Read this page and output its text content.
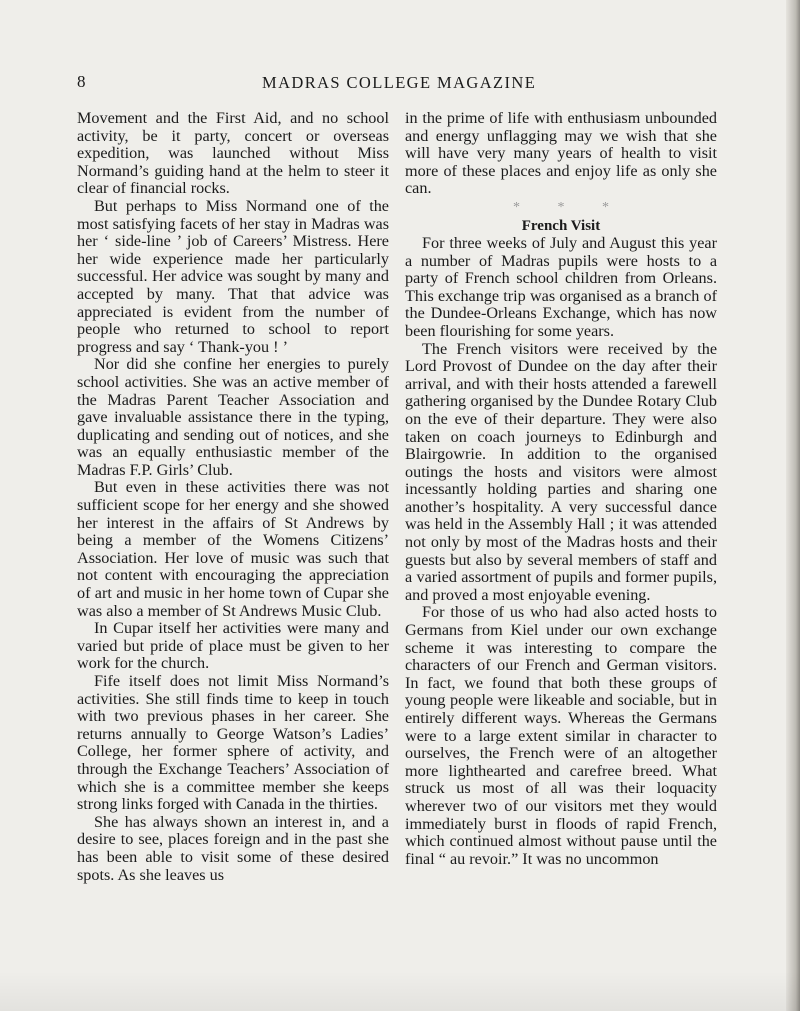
8	MADRAS COLLEGE MAGAZINE

Movement and the First Aid, and no school activity, be it party, concert or overseas expedition, was launched without Miss Normand’s guiding hand at the helm to steer it clear of financial rocks.

But perhaps to Miss Normand one of the most satisfying facets of her stay in Madras was her ‘ side-line ’ job of Careers’ Mistress. Here her wide experience made her particularly successful. Her advice was sought by many and accepted by many. That that advice was appreciated is evident from the number of people who returned to school to report progress and say ‘ Thank-you ! ’

Nor did she confine her energies to purely school activities. She was an active member of the Madras Parent Teacher Association and gave invaluable assistance there in the typing, duplicating and sending out of notices, and she was an equally enthusiastic member of the Madras F.P. Girls’ Club.

But even in these activities there was not sufficient scope for her energy and she showed her interest in the affairs of St Andrews by being a member of the Womens Citizens’ Association. Her love of music was such that not content with encouraging the appreciation of art and music in her home town of Cupar she was also a member of St Andrews Music Club.

In Cupar itself her activities were many and varied but pride of place must be given to her work for the church.

Fife itself does not limit Miss Normand’s activities. She still finds time to keep in touch with two previous phases in her career. She returns annually to George Watson’s Ladies’ College, her former sphere of activity, and through the Exchange Teachers’ Association of which she is a committee member she keeps strong links forged with Canada in the thirties.

She has always shown an interest in, and a desire to see, places foreign and in the past she has been able to visit some of these desired spots. As she leaves us

in the prime of life with enthusiasm unbounded and energy unflagging may we wish that she will have very many years of health to visit more of these places and enjoy life as only she can.

* * *
French Visit

For three weeks of July and August this year a number of Madras pupils were hosts to a party of French school children from Orleans. This exchange trip was organised as a branch of the Dundee-Orleans Exchange, which has now been flourishing for some years.

The French visitors were received by the Lord Provost of Dundee on the day after their arrival, and with their hosts attended a farewell gathering organised by the Dundee Rotary Club on the eve of their departure. They were also taken on coach journeys to Edinburgh and Blairgowrie. In addition to the organised outings the hosts and visitors were almost incessantly holding parties and sharing one another’s hospitality. A very successful dance was held in the Assembly Hall ; it was attended not only by most of the Madras hosts and their guests but also by several members of staff and a varied assortment of pupils and former pupils, and proved a most enjoyable evening.

For those of us who had also acted hosts to Germans from Kiel under our own exchange scheme it was interesting to compare the characters of our French and German visitors. In fact, we found that both these groups of young people were likeable and sociable, but in entirely different ways. Whereas the Germans were to a large extent similar in character to ourselves, the French were of an altogether more lighthearted and carefree breed. What struck us most of all was their loquacity wherever two of our visitors met they would immediately burst in floods of rapid French, which continued almost without pause until the final “ au revoir.” It was no uncommon
